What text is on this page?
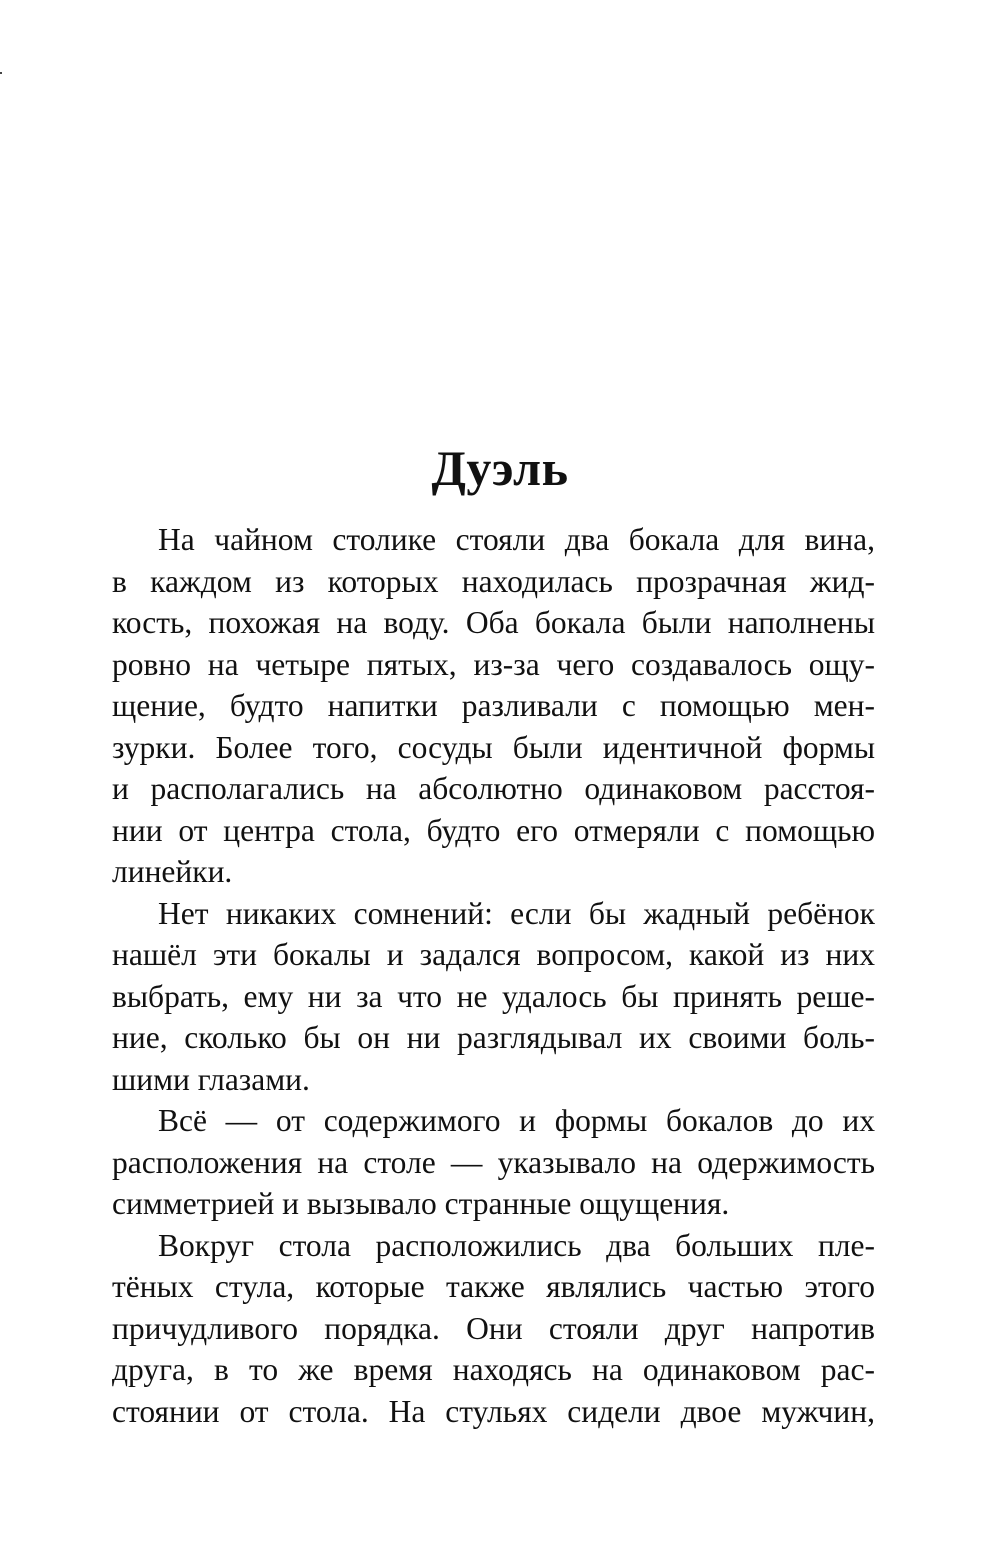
Дуэль
На чайном столике стояли два бокала для вина,
в каждом из которых находилась прозрачная жид-
кость, похожая на воду. Оба бокала были наполнены
ровно на четыре пятых, из-за чего создавалось ощу-
щение, будто напитки разливали с помощью мен-
зурки. Более того, сосуды были идентичной формы
и располагались на абсолютно одинаковом расстоя-
нии от центра стола, будто его отмеряли с помощью
линейки.
Нет никаких сомнений: если бы жадный ребёнок
нашёл эти бокалы и задался вопросом, какой из них
выбрать, ему ни за что не удалось бы принять реше-
ние, сколько бы он ни разглядывал их своими боль-
шими глазами.
Всё — от содержимого и формы бокалов до их
расположения на столе — указывало на одержимость
симметрией и вызывало странные ощущения.
Вокруг стола расположились два больших пле-
тёных стула, которые также являлись частью этого
причудливого порядка. Они стояли друг напротив
друга, в то же время находясь на одинаковом рас-
стоянии от стола. На стульях сидели двое мужчин,
